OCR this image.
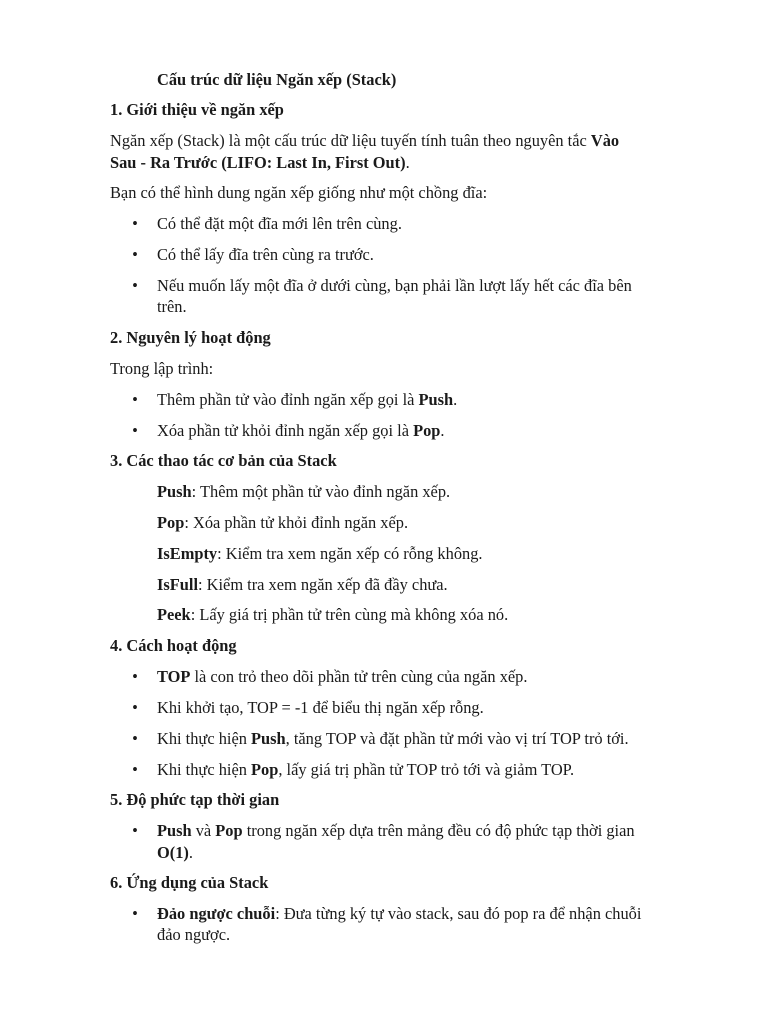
Cấu trúc dữ liệu Ngăn xếp (Stack)
1. Giới thiệu về ngăn xếp
Ngăn xếp (Stack) là một cấu trúc dữ liệu tuyến tính tuân theo nguyên tắc Vào
Sau - Ra Trước (LIFO: Last In, First Out).
Bạn có thể hình dung ngăn xếp giống như một chồng đĩa:
• Có thể đặt một đĩa mới lên trên cùng.
• Có thể lấy đĩa trên cùng ra trước.
• Nếu muốn lấy một đĩa ở dưới cùng, bạn phải lần lượt lấy hết các đĩa bên
trên.
2. Nguyên lý hoạt động
Trong lập trình:
• Thêm phần tử vào đỉnh ngăn xếp gọi là Push.
• Xóa phần tử khỏi đỉnh ngăn xếp gọi là Pop.
3. Các thao tác cơ bản của Stack
Push: Thêm một phần tử vào đỉnh ngăn xếp.
Pop: Xóa phần tử khỏi đỉnh ngăn xếp.
IsEmpty: Kiểm tra xem ngăn xếp có rỗng không.
IsFull: Kiểm tra xem ngăn xếp đã đầy chưa.
Peek: Lấy giá trị phần tử trên cùng mà không xóa nó.
4. Cách hoạt động
• TOP là con trỏ theo dõi phần tử trên cùng của ngăn xếp.
• Khi khởi tạo, TOP = -1 để biểu thị ngăn xếp rỗng.
• Khi thực hiện Push, tăng TOP và đặt phần tử mới vào vị trí TOP trỏ tới.
• Khi thực hiện Pop, lấy giá trị phần tử TOP trỏ tới và giảm TOP.
5. Độ phức tạp thời gian
• Push và Pop trong ngăn xếp dựa trên mảng đều có độ phức tạp thời gian
O(1).
6. Ứng dụng của Stack
• Đảo ngược chuỗi: Đưa từng ký tự vào stack, sau đó pop ra để nhận chuỗi
đảo ngược.
